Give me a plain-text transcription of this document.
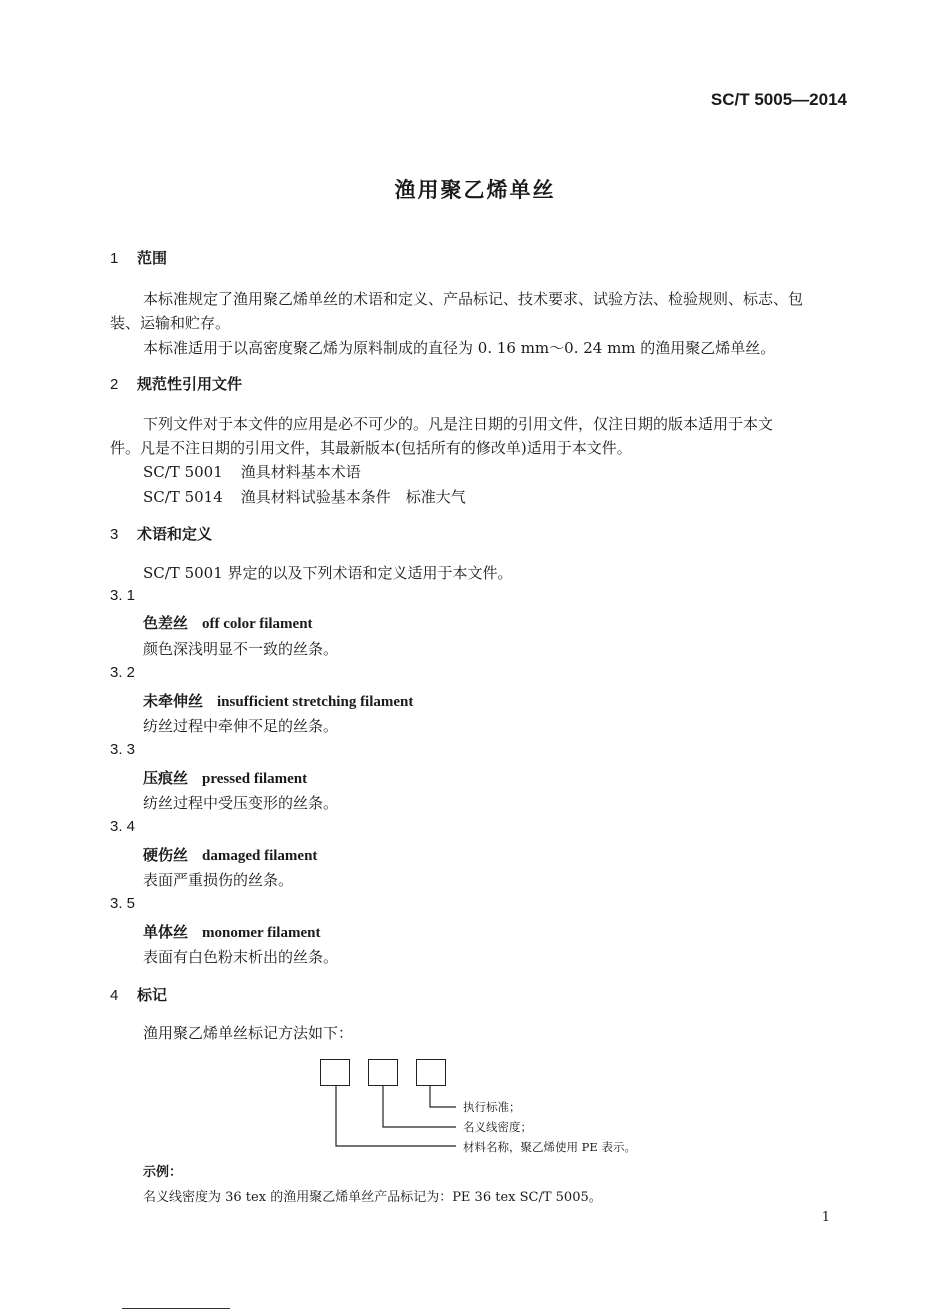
SC/T 5005—2014
渔用聚乙烯单丝
1 范围
本标准规定了渔用聚乙烯单丝的术语和定义、产品标记、技术要求、试验方法、检验规则、标志、包
装、运输和贮存。
本标准适用于以高密度聚乙烯为原料制成的直径为 0. 16 mm～0. 24 mm 的渔用聚乙烯单丝。
2 规范性引用文件
下列文件对于本文件的应用是必不可少的。凡是注日期的引用文件，仅注日期的版本适用于本文
件。凡是不注日期的引用文件，其最新版本(包括所有的修改单)适用于本文件。
SC/T 5001 渔具材料基本术语
SC/T 5014 渔具材料试验基本条件　标准大气
3 术语和定义
SC/T 5001 界定的以及下列术语和定义适用于本文件。
3. 1
色差丝 off color filament
颜色深浅明显不一致的丝条。
3. 2
未牵伸丝 insufficient stretching filament
纺丝过程中牵伸不足的丝条。
3. 3
压痕丝 pressed filament
纺丝过程中受压变形的丝条。
3. 4
硬伤丝 damaged filament
表面严重损伤的丝条。
3. 5
单体丝 monomer filament
表面有白色粉末析出的丝条。
4 标记
渔用聚乙烯单丝标记方法如下：
执行标准；
名义线密度；
材料名称，聚乙烯使用 PE 表示。
示例：
名义线密度为 36 tex 的渔用聚乙烯单丝产品标记为：PE 36 tex SC/T 5005。
1
